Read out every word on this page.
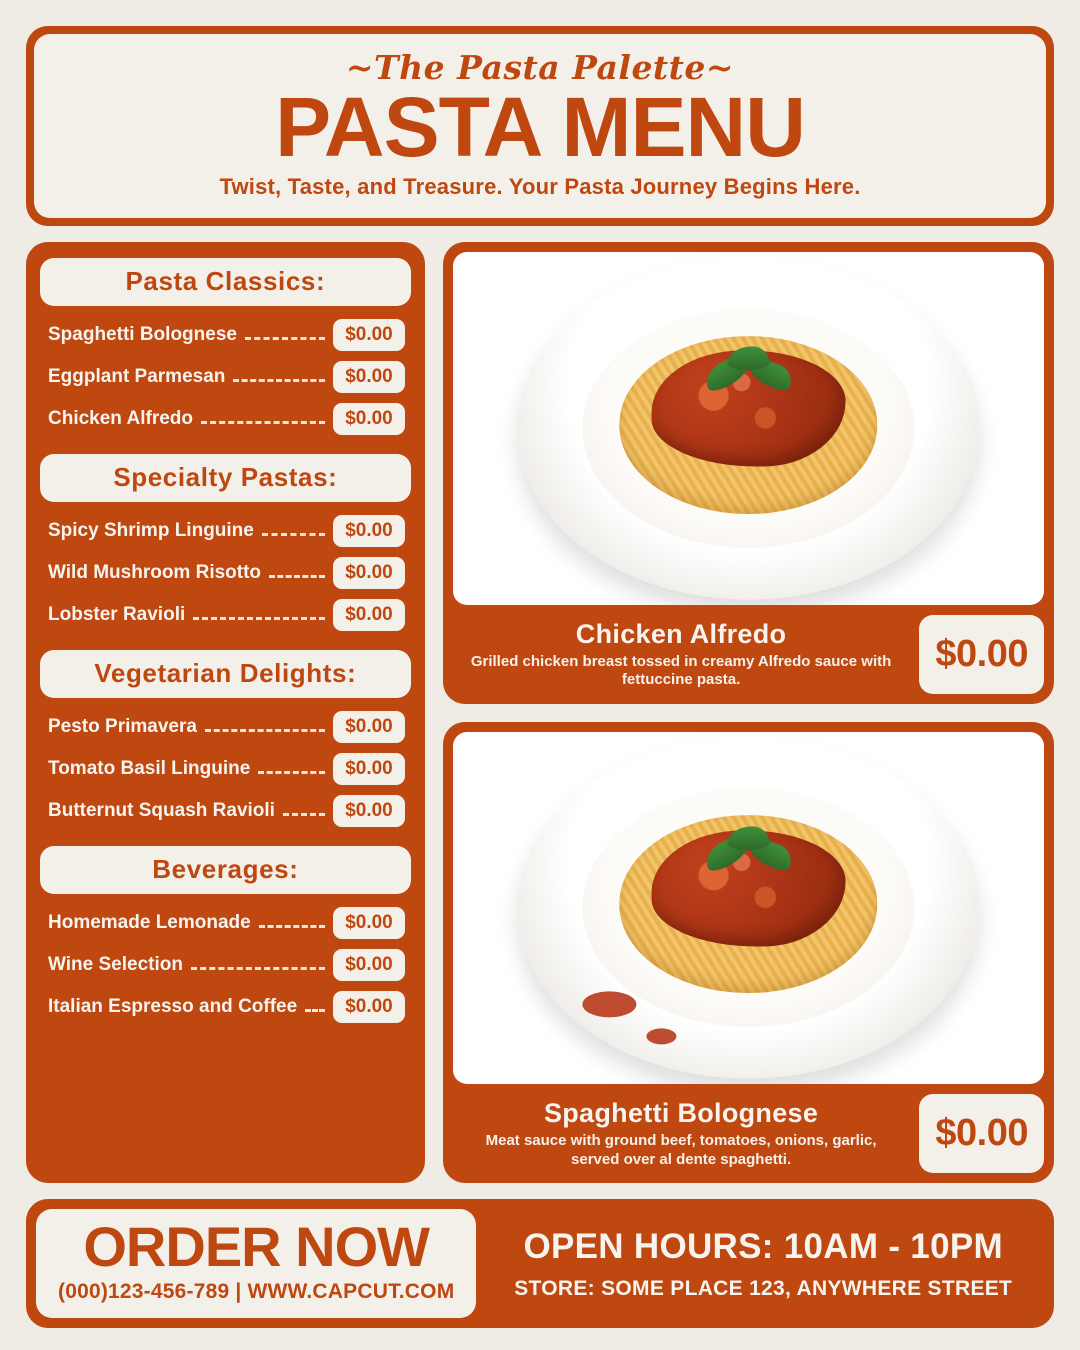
~The Pasta Palette~
PASTA MENU
Twist, Taste, and Treasure. Your Pasta Journey Begins Here.
Pasta Classics:
Spaghetti Bolognese	$0.00
Eggplant Parmesan	$0.00
Chicken Alfredo	$0.00
Specialty Pastas:
Spicy Shrimp Linguine	$0.00
Wild Mushroom Risotto	$0.00
Lobster Ravioli	$0.00
Vegetarian Delights:
Pesto Primavera	$0.00
Tomato Basil Linguine	$0.00
Butternut Squash Ravioli	$0.00
Beverages:
Homemade Lemonade	$0.00
Wine Selection	$0.00
Italian Espresso and Coffee	$0.00
Chicken Alfredo
Grilled chicken breast tossed in creamy Alfredo sauce with fettuccine pasta.
$0.00
Spaghetti Bolognese
Meat sauce with ground beef, tomatoes, onions, garlic, served over al dente spaghetti.
$0.00
ORDER NOW
(000)123-456-789 | WWW.CAPCUT.COM
OPEN HOURS: 10AM - 10PM
STORE: SOME PLACE 123, ANYWHERE STREET
